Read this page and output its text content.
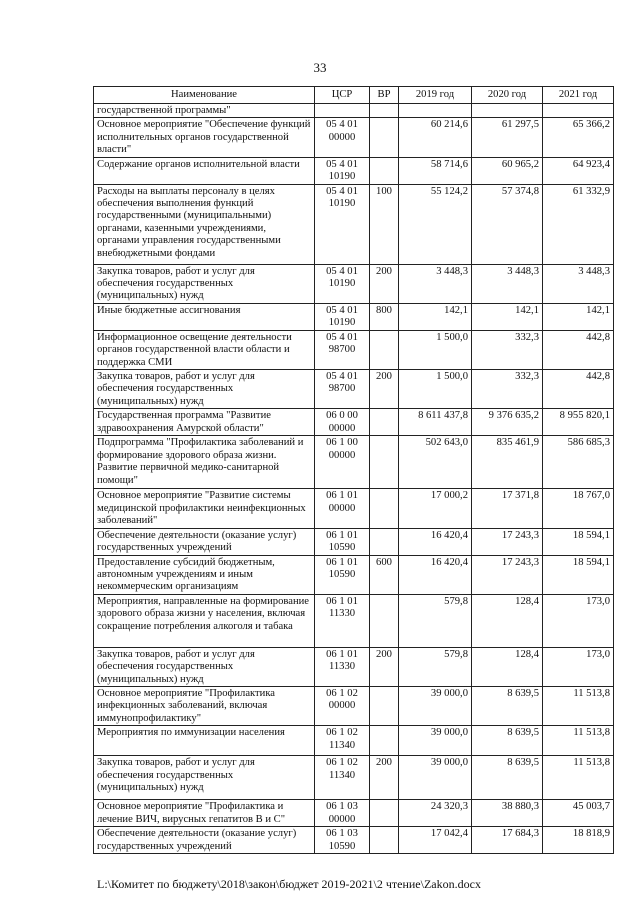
33
Наименование	ЦСР	ВР	2019 год	2020 год	2021 год
государственной программы"					
Основное мероприятие "Обеспечение функций исполнительных органов государственной власти"	05 4 01 00000		60 214,6	61 297,5	65 366,2
Содержание органов исполнительной власти	05 4 01 10190		58 714,6	60 965,2	64 923,4
Расходы на выплаты персоналу в целях обеспечения выполнения функций государственными (муниципальными) органами, казенными учреждениями, органами управления государственными внебюджетными фондами	05 4 01 10190	100	55 124,2	57 374,8	61 332,9
Закупка товаров, работ и услуг для обеспечения государственных (муниципальных) нужд	05 4 01 10190	200	3 448,3	3 448,3	3 448,3
Иные бюджетные ассигнования	05 4 01 10190	800	142,1	142,1	142,1
Информационное освещение деятельности органов государственной власти области и поддержка СМИ	05 4 01 98700		1 500,0	332,3	442,8
Закупка товаров, работ и услуг для обеспечения государственных (муниципальных) нужд	05 4 01 98700	200	1 500,0	332,3	442,8
Государственная программа "Развитие здравоохранения Амурской области"	06 0 00 00000		8 611 437,8	9 376 635,2	8 955 820,1
Подпрограмма "Профилактика заболеваний и формирование здорового образа жизни. Развитие первичной медико-санитарной помощи"	06 1 00 00000		502 643,0	835 461,9	586 685,3
Основное мероприятие "Развитие системы медицинской профилактики неинфекционных заболеваний"	06 1 01 00000		17 000,2	17 371,8	18 767,0
Обеспечение деятельности (оказание услуг) государственных учреждений	06 1 01 10590		16 420,4	17 243,3	18 594,1
Предоставление субсидий бюджетным, автономным учреждениям и иным некоммерческим организациям	06 1 01 10590	600	16 420,4	17 243,3	18 594,1
Мероприятия, направленные на формирование здорового образа жизни у населения, включая сокращение потребления алкоголя и табака	06 1 01 11330		579,8	128,4	173,0
Закупка товаров, работ и услуг для обеспечения государственных (муниципальных) нужд	06 1 01 11330	200	579,8	128,4	173,0
Основное мероприятие "Профилактика инфекционных заболеваний, включая иммунопрофилактику"	06 1 02 00000		39 000,0	8 639,5	11 513,8
Мероприятия по иммунизации населения	06 1 02 11340		39 000,0	8 639,5	11 513,8
Закупка товаров, работ и услуг для обеспечения государственных (муниципальных) нужд	06 1 02 11340	200	39 000,0	8 639,5	11 513,8
Основное мероприятие "Профилактика и лечение ВИЧ, вирусных гепатитов В и С"	06 1 03 00000		24 320,3	38 880,3	45 003,7
Обеспечение деятельности (оказание услуг) государственных учреждений	06 1 03 10590		17 042,4	17 684,3	18 818,9
L:\Комитет по бюджету\2018\закон\бюджет 2019-2021\2 чтение\Zakon.docx
